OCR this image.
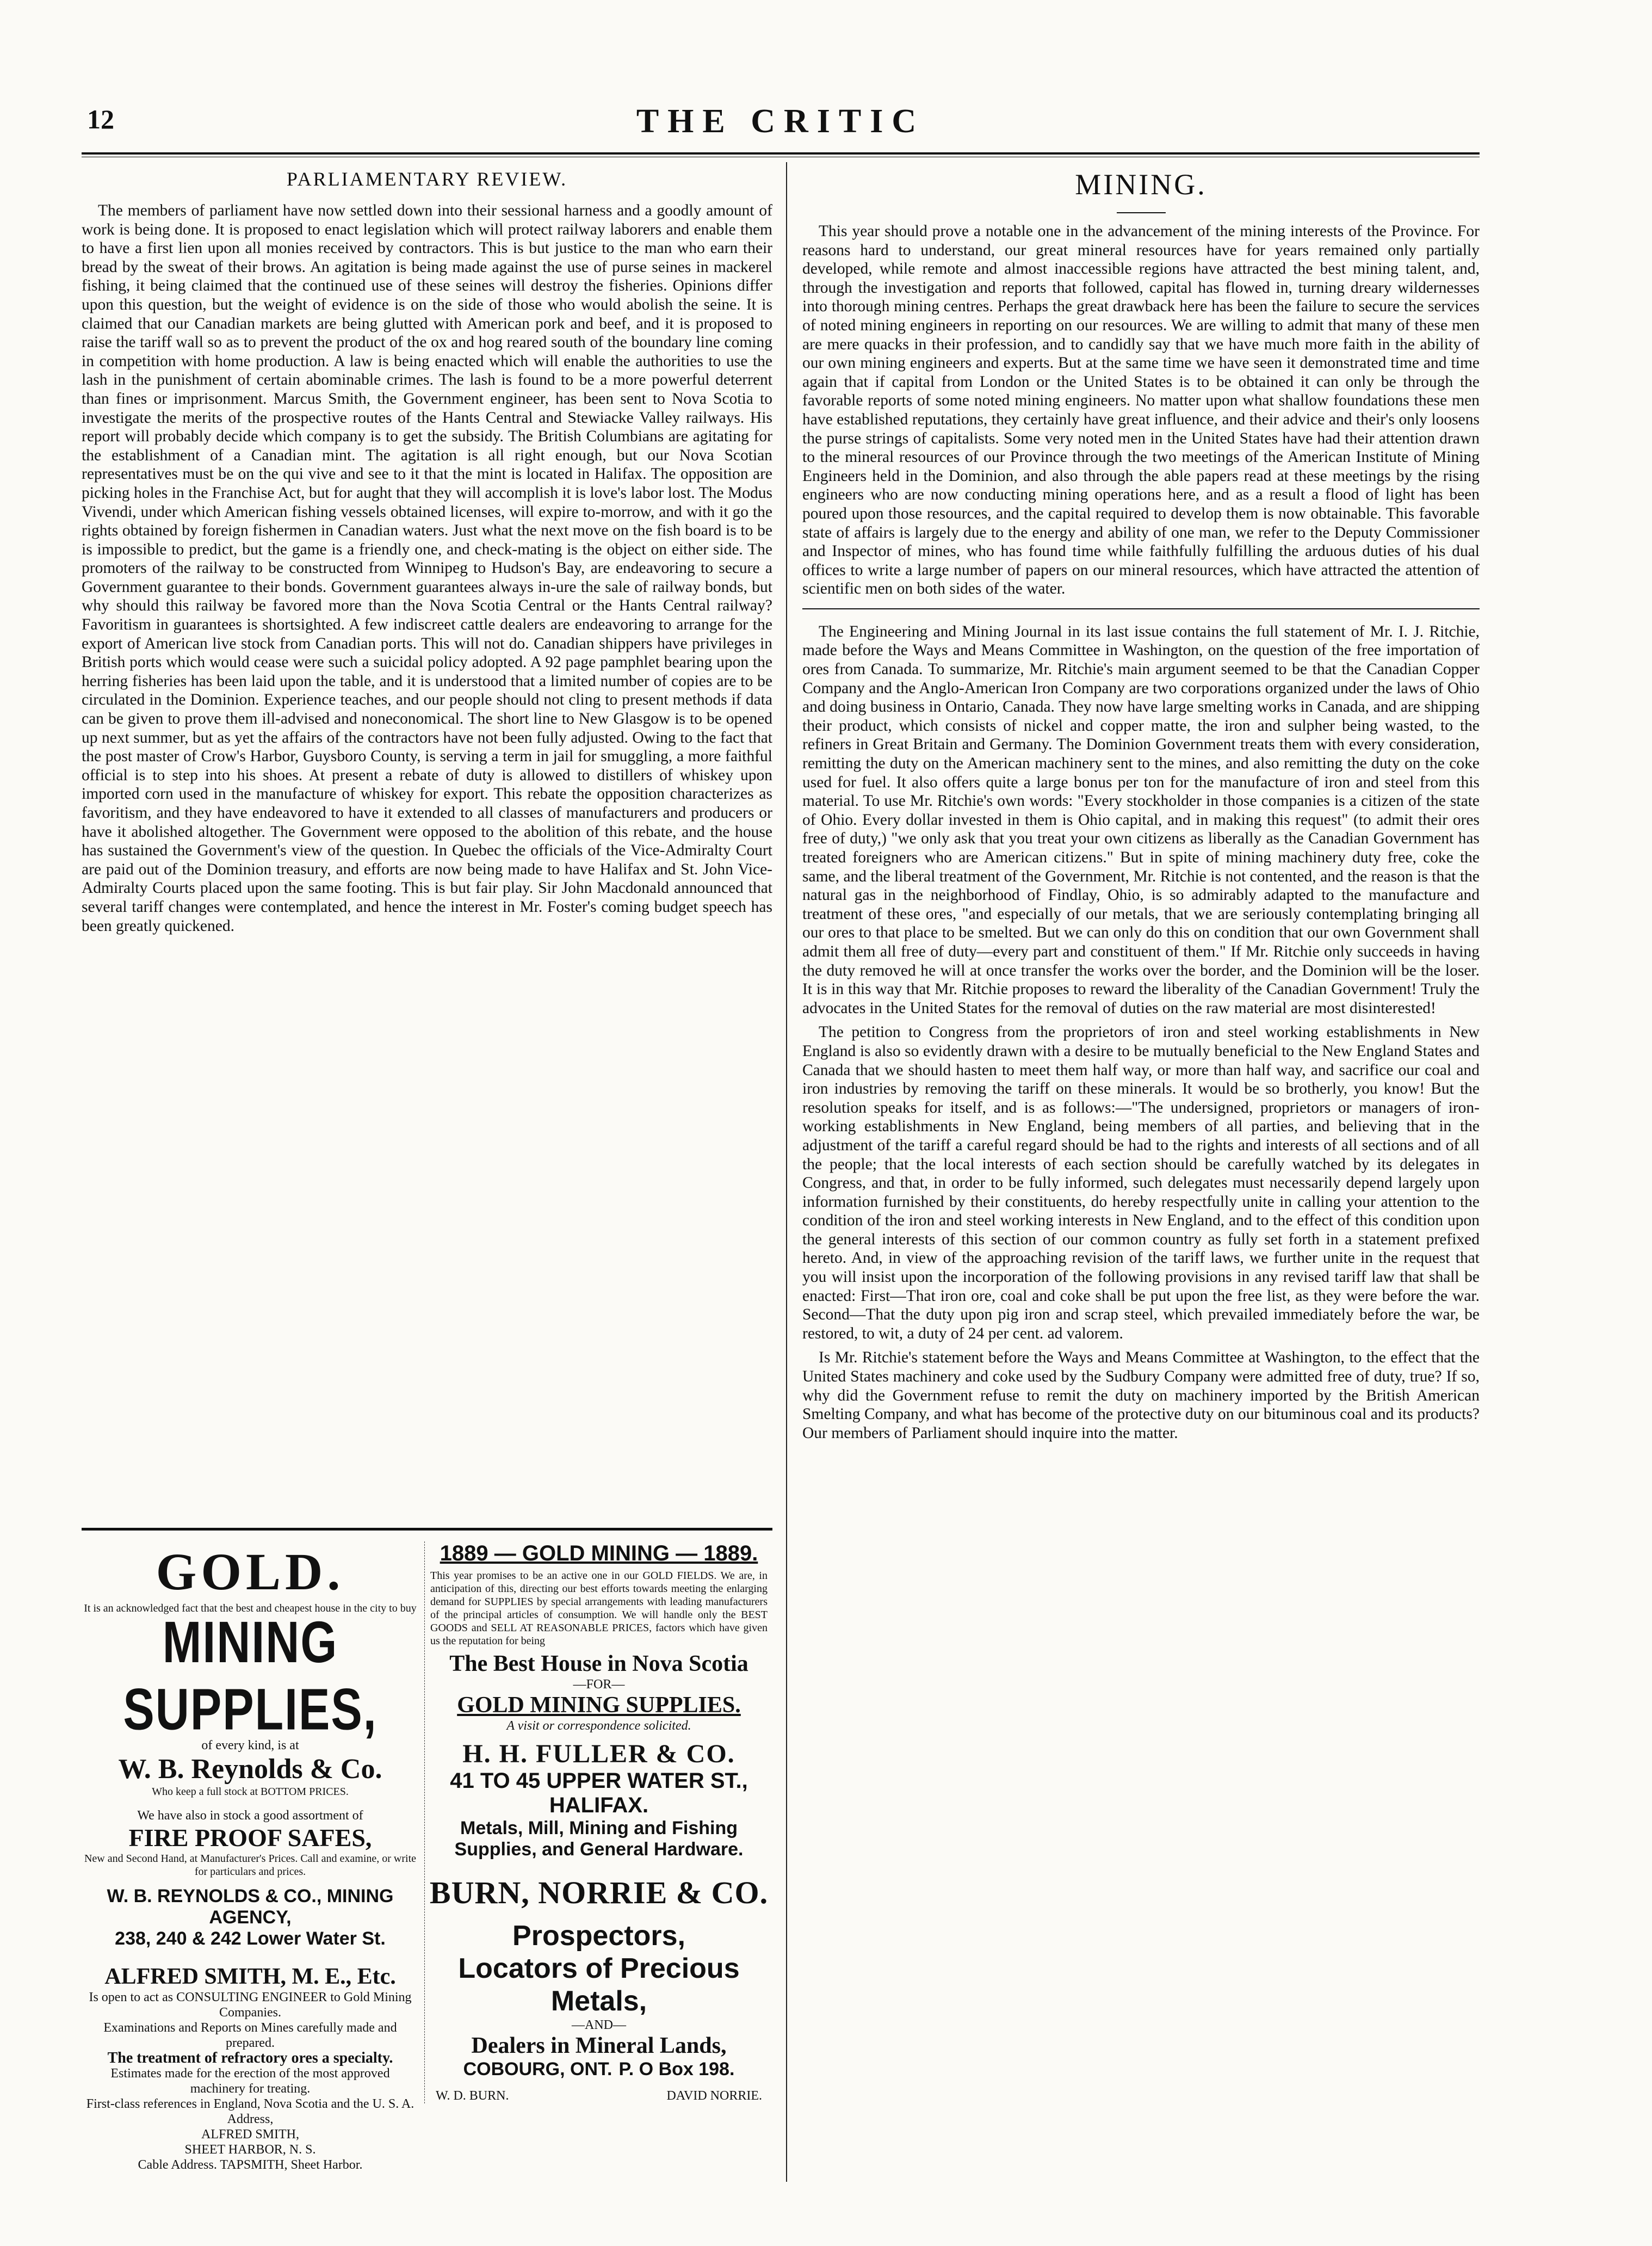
12	THE CRITIC
PARLIAMENTARY REVIEW.

The members of parliament have now settled down into their sessional harness and a goodly amount of work is being done. It is proposed to enact legislation which will protect railway laborers and enable them to have a first lien upon all monies received by contractors. This is but justice to the man who earn their bread by the sweat of their brows. An agitation is being made against the use of purse seines in mackerel fishing, it being claimed that the continued use of these seines will destroy the fisheries. Opinions differ upon this question, but the weight of evidence is on the side of those who would abolish the seine. It is claimed that our Canadian markets are being glutted with American pork and beef, and it is proposed to raise the tariff wall so as to prevent the product of the ox and hog reared south of the boundary line coming in competition with home production. A law is being enacted which will enable the authorities to use the lash in the punishment of certain abominable crimes. The lash is found to be a more powerful deterrent than fines or imprisonment. Marcus Smith, the Government engineer, has been sent to Nova Scotia to investigate the merits of the prospective routes of the Hants Central and Stewiacke Valley railways. His report will probably decide which company is to get the subsidy. The British Columbians are agitating for the establishment of a Canadian mint. The agitation is all right enough, but our Nova Scotian representatives must be on the qui vive and see to it that the mint is located in Halifax. The opposition are picking holes in the Franchise Act, but for aught that they will accomplish it is love's labor lost. The Modus Vivendi, under which American fishing vessels obtained licenses, will expire to-morrow, and with it go the rights obtained by foreign fishermen in Canadian waters. Just what the next move on the fish board is to be is impossible to predict, but the game is a friendly one, and check-mating is the object on either side. The promoters of the railway to be constructed from Winnipeg to Hudson's Bay, are endeavoring to secure a Government guarantee to their bonds. Government guarantees always in-ure the sale of railway bonds, but why should this railway be favored more than the Nova Scotia Central or the Hants Central railway? Favoritism in guarantees is shortsighted. A few indiscreet cattle dealers are endeavoring to arrange for the export of American live stock from Canadian ports. This will not do. Canadian shippers have privileges in British ports which would cease were such a suicidal policy adopted. A 92 page pamphlet bearing upon the herring fisheries has been laid upon the table, and it is understood that a limited number of copies are to be circulated in the Dominion. Experience teaches, and our people should not cling to present methods if data can be given to prove them ill-advised and noneconomical. The short line to New Glasgow is to be opened up next summer, but as yet the affairs of the contractors have not been fully adjusted. Owing to the fact that the post master of Crow's Harbor, Guysboro County, is serving a term in jail for smuggling, a more faithful official is to step into his shoes. At present a rebate of duty is allowed to distillers of whiskey upon imported corn used in the manufacture of whiskey for export. This rebate the opposition characterizes as favoritism, and they have endeavored to have it extended to all classes of manufacturers and producers or have it abolished altogether. The Government were opposed to the abolition of this rebate, and the house has sustained the Government's view of the question. In Quebec the officials of the Vice-Admiralty Court are paid out of the Dominion treasury, and efforts are now being made to have Halifax and St. John Vice-Admiralty Courts placed upon the same footing. This is but fair play. Sir John Macdonald announced that several tariff changes were contemplated, and hence the interest in Mr. Foster's coming budget speech has been greatly quickened.

GOLD.
It is an acknowledged fact that the best and cheapest house in the city to buy
MINING SUPPLIES,
of every kind, is at
W. B. Reynolds & Co.
Who keep a full stock at BOTTOM PRICES.
We have also in stock a good assortment of
FIRE PROOF SAFES,
New and Second Hand, at Manufacturer's Prices. Call and examine, or write for particulars and prices.
W. B. REYNOLDS & CO., MINING AGENCY,
238, 240 & 242 Lower Water St.
ALFRED SMITH, M. E., Etc.
Is open to act as CONSULTING ENGINEER to Gold Mining Companies.
Examinations and Reports on Mines carefully made and prepared.
The treatment of refractory ores a specialty.
Estimates made for the erection of the most approved machinery for treating.
First-class references in England, Nova Scotia and the U. S. A. Address,
ALFRED SMITH,
SHEET HARBOR, N. S.
Cable Address. TAPSMITH, Sheet Harbor.
1889 — GOLD MINING — 1889.
This year promises to be an active one in our GOLD FIELDS. We are, in anticipation of this, directing our best efforts towards meeting the enlarging demand for SUPPLIES by special arrangements with leading manufacturers of the principal articles of consumption. We will handle only the BEST GOODS and SELL AT REASONABLE PRICES, factors which have given us the reputation for being
The Best House in Nova Scotia
—FOR—
GOLD MINING SUPPLIES.
A visit or correspondence solicited.
H. H. FULLER & CO.
41 TO 45 UPPER WATER ST., HALIFAX.
Metals, Mill, Mining and Fishing Supplies, and General Hardware.
BURN, NORRIE & CO.
Prospectors,
Locators of Precious Metals,
—AND—
Dealers in Mineral Lands,
COBOURG, ONT. P. O Box 198.
W. D. BURN.	DAVID NORRIE.
MINING.

This year should prove a notable one in the advancement of the mining interests of the Province. For reasons hard to understand, our great mineral resources have for years remained only partially developed, while remote and almost inaccessible regions have attracted the best mining talent, and, through the investigation and reports that followed, capital has flowed in, turning dreary wildernesses into thorough mining centres. Perhaps the great drawback here has been the failure to secure the services of noted mining engineers in reporting on our resources. We are willing to admit that many of these men are mere quacks in their profession, and to candidly say that we have much more faith in the ability of our own mining engineers and experts. But at the same time we have seen it demonstrated time and time again that if capital from London or the United States is to be obtained it can only be through the favorable reports of some noted mining engineers. No matter upon what shallow foundations these men have established reputations, they certainly have great influence, and their advice and their's only loosens the purse strings of capitalists. Some very noted men in the United States have had their attention drawn to the mineral resources of our Province through the two meetings of the American Institute of Mining Engineers held in the Dominion, and also through the able papers read at these meetings by the rising engineers who are now conducting mining operations here, and as a result a flood of light has been poured upon those resources, and the capital required to develop them is now obtainable. This favorable state of affairs is largely due to the energy and ability of one man, we refer to the Deputy Commissioner and Inspector of mines, who has found time while faithfully fulfilling the arduous duties of his dual offices to write a large number of papers on our mineral resources, which have attracted the attention of scientific men on both sides of the water.

The Engineering and Mining Journal in its last issue contains the full statement of Mr. I. J. Ritchie, made before the Ways and Means Committee in Washington, on the question of the free importation of ores from Canada. To summarize, Mr. Ritchie's main argument seemed to be that the Canadian Copper Company and the Anglo-American Iron Company are two corporations organized under the laws of Ohio and doing business in Ontario, Canada. They now have large smelting works in Canada, and are shipping their product, which consists of nickel and copper matte, the iron and sulpher being wasted, to the refiners in Great Britain and Germany. The Dominion Government treats them with every consideration, remitting the duty on the American machinery sent to the mines, and also remitting the duty on the coke used for fuel. It also offers quite a large bonus per ton for the manufacture of iron and steel from this material. To use Mr. Ritchie's own words: "Every stockholder in those companies is a citizen of the state of Ohio. Every dollar invested in them is Ohio capital, and in making this request" (to admit their ores free of duty,) "we only ask that you treat your own citizens as liberally as the Canadian Government has treated foreigners who are American citizens." But in spite of mining machinery duty free, coke the same, and the liberal treatment of the Government, Mr. Ritchie is not contented, and the reason is that the natural gas in the neighborhood of Findlay, Ohio, is so admirably adapted to the manufacture and treatment of these ores, "and especially of our metals, that we are seriously contemplating bringing all our ores to that place to be smelted. But we can only do this on condition that our own Government shall admit them all free of duty—every part and constituent of them." If Mr. Ritchie only succeeds in having the duty removed he will at once transfer the works over the border, and the Dominion will be the loser. It is in this way that Mr. Ritchie proposes to reward the liberality of the Canadian Government! Truly the advocates in the United States for the removal of duties on the raw material are most disinterested!

The petition to Congress from the proprietors of iron and steel working establishments in New England is also so evidently drawn with a desire to be mutually beneficial to the New England States and Canada that we should hasten to meet them half way, or more than half way, and sacrifice our coal and iron industries by removing the tariff on these minerals. It would be so brotherly, you know! But the resolution speaks for itself, and is as follows:—"The undersigned, proprietors or managers of iron-working establishments in New England, being members of all parties, and believing that in the adjustment of the tariff a careful regard should be had to the rights and interests of all sections and of all the people; that the local interests of each section should be carefully watched by its delegates in Congress, and that, in order to be fully informed, such delegates must necessarily depend largely upon information furnished by their constituents, do hereby respectfully unite in calling your attention to the condition of the iron and steel working interests in New England, and to the effect of this condition upon the general interests of this section of our common country as fully set forth in a statement prefixed hereto. And, in view of the approaching revision of the tariff laws, we further unite in the request that you will insist upon the incorporation of the following provisions in any revised tariff law that shall be enacted: First—That iron ore, coal and coke shall be put upon the free list, as they were before the war. Second—That the duty upon pig iron and scrap steel, which prevailed immediately before the war, be restored, to wit, a duty of 24 per cent. ad valorem.

Is Mr. Ritchie's statement before the Ways and Means Committee at Washington, to the effect that the United States machinery and coke used by the Sudbury Company were admitted free of duty, true? If so, why did the Government refuse to remit the duty on machinery imported by the British American Smelting Company, and what has become of the protective duty on our bituminous coal and its products? Our members of Parliament should inquire into the matter.
